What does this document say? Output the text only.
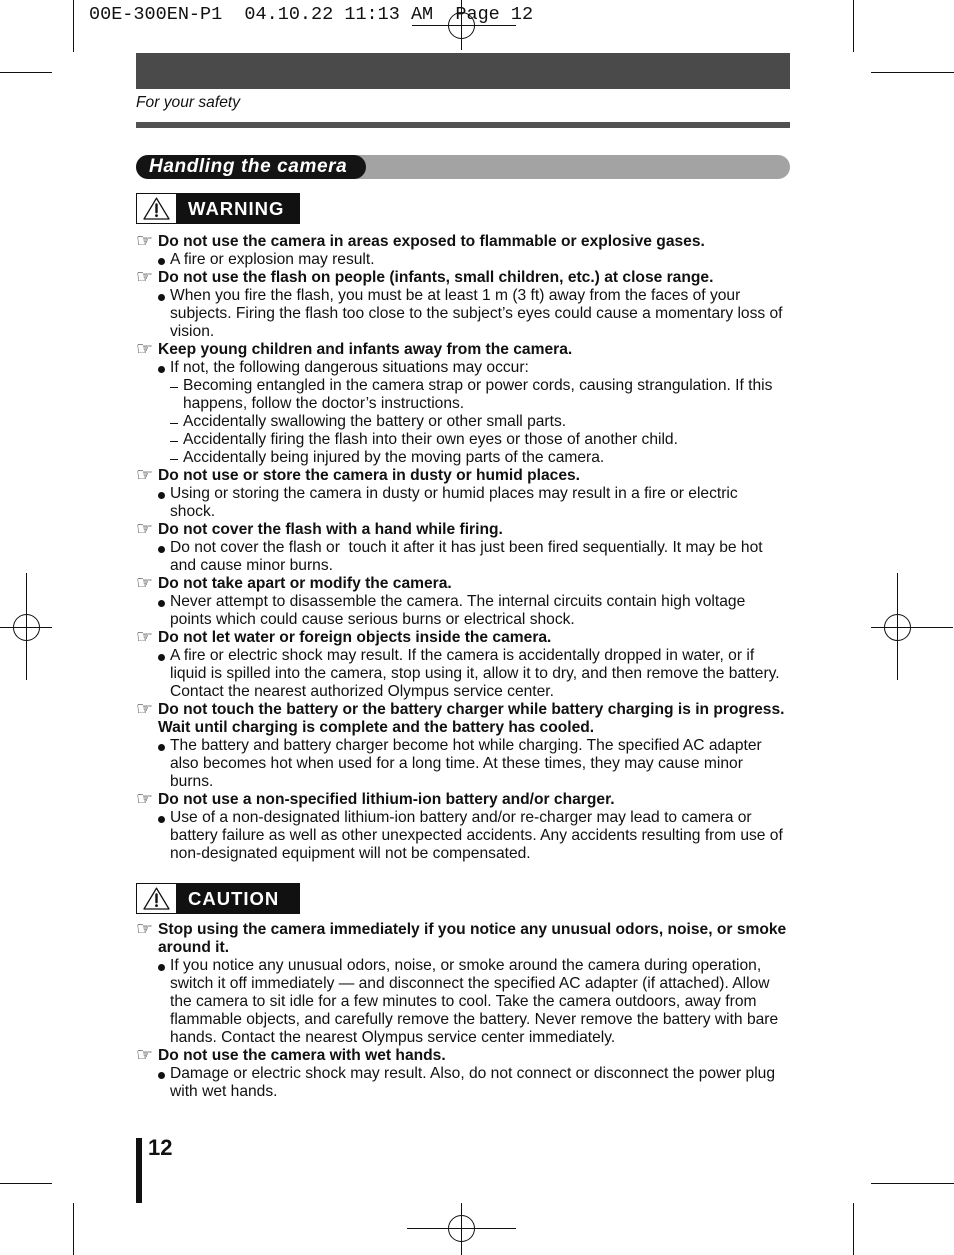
00E-300EN-P1  04.10.22 11:13 AM  Page 12
For your safety
Handling the camera
WARNING
☞
Do not use the camera in areas exposed to flammable or explosive gases.
A fire or explosion may result.
☞
Do not use the flash on people (infants, small children, etc.) at close range.
When you fire the flash, you must be at least 1 m (3 ft) away from the faces of your
subjects. Firing the flash too close to the subject’s eyes could cause a momentary loss of
vision.
☞
Keep young children and infants away from the camera.
If not, the following dangerous situations may occur:
Becoming entangled in the camera strap or power cords, causing strangulation. If this
happens, follow the doctor’s instructions.
Accidentally swallowing the battery or other small parts.
Accidentally firing the flash into their own eyes or those of another child.
Accidentally being injured by the moving parts of the camera.
☞
Do not use or store the camera in dusty or humid places.
Using or storing the camera in dusty or humid places may result in a fire or electric
shock.
☞
Do not cover the flash with a hand while firing.
Do not cover the flash or  touch it after it has just been fired sequentially. It may be hot
and cause minor burns.
☞
Do not take apart or modify the camera.
Never attempt to disassemble the camera. The internal circuits contain high voltage
points which could cause serious burns or electrical shock.
☞
Do not let water or foreign objects inside the camera.
A fire or electric shock may result. If the camera is accidentally dropped in water, or if
liquid is spilled into the camera, stop using it, allow it to dry, and then remove the battery.
Contact the nearest authorized Olympus service center.
☞
Do not touch the battery or the battery charger while battery charging is in progress.
Wait until charging is complete and the battery has cooled.
The battery and battery charger become hot while charging. The specified AC adapter
also becomes hot when used for a long time. At these times, they may cause minor
burns.
☞
Do not use a non-specified lithium-ion battery and/or charger.
Use of a non-designated lithium-ion battery and/or re-charger may lead to camera or
battery failure as well as other unexpected accidents. Any accidents resulting from use of
non-designated equipment will not be compensated.
CAUTION
☞
Stop using the camera immediately if you notice any unusual odors, noise, or smoke
around it.
If you notice any unusual odors, noise, or smoke around the camera during operation,
switch it off immediately — and disconnect the specified AC adapter (if attached). Allow
the camera to sit idle for a few minutes to cool. Take the camera outdoors, away from
flammable objects, and carefully remove the battery. Never remove the battery with bare
hands. Contact the nearest Olympus service center immediately.
☞
Do not use the camera with wet hands.
Damage or electric shock may result. Also, do not connect or disconnect the power plug
with wet hands.
12
